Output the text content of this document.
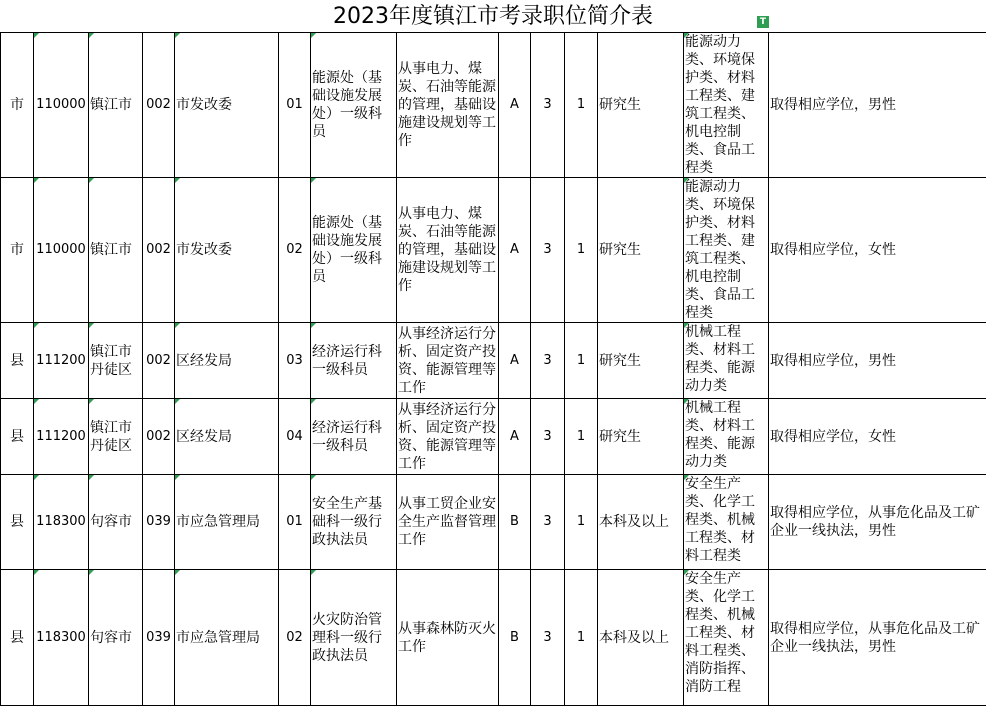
2023年度镇江市考录职位简介表	T
市	110000	镇江市	002	市发改委	01	能源处（基础设施发展处）一级科员	从事电力、煤炭、石油等能源的管理，基础设施建设规划等工作	A	3	1	研究生	能源动力类、环境保护类、材料工程类、建筑工程类、机电控制类、食品工程类	取得相应学位，男性
市	110000	镇江市	002	市发改委	02	能源处（基础设施发展处）一级科员	从事电力、煤炭、石油等能源的管理，基础设施建设规划等工作	A	3	1	研究生	能源动力类、环境保护类、材料工程类、建筑工程类、机电控制类、食品工程类	取得相应学位，女性
县	111200	镇江市丹徒区	002	区经发局	03	经济运行科一级科员	从事经济运行分析、固定资产投资、能源管理等工作	A	3	1	研究生	机械工程类、材料工程类、能源动力类	取得相应学位，男性
县	111200	镇江市丹徒区	002	区经发局	04	经济运行科一级科员	从事经济运行分析、固定资产投资、能源管理等工作	A	3	1	研究生	机械工程类、材料工程类、能源动力类	取得相应学位，女性
县	118300	句容市	039	市应急管理局	01	安全生产基础科一级行政执法员	从事工贸企业安全生产监督管理工作	B	3	1	本科及以上	安全生产类、化学工程类、机械工程类、材料工程类	取得相应学位，从事危化品及工矿企业一线执法，男性
县	118300	句容市	039	市应急管理局	02	火灾防治管理科一级行政执法员	从事森林防灭火工作	B	3	1	本科及以上	安全生产类、化学工程类、机械工程类、材料工程类、消防指挥、消防工程	取得相应学位，从事危化品及工矿企业一线执法，男性
